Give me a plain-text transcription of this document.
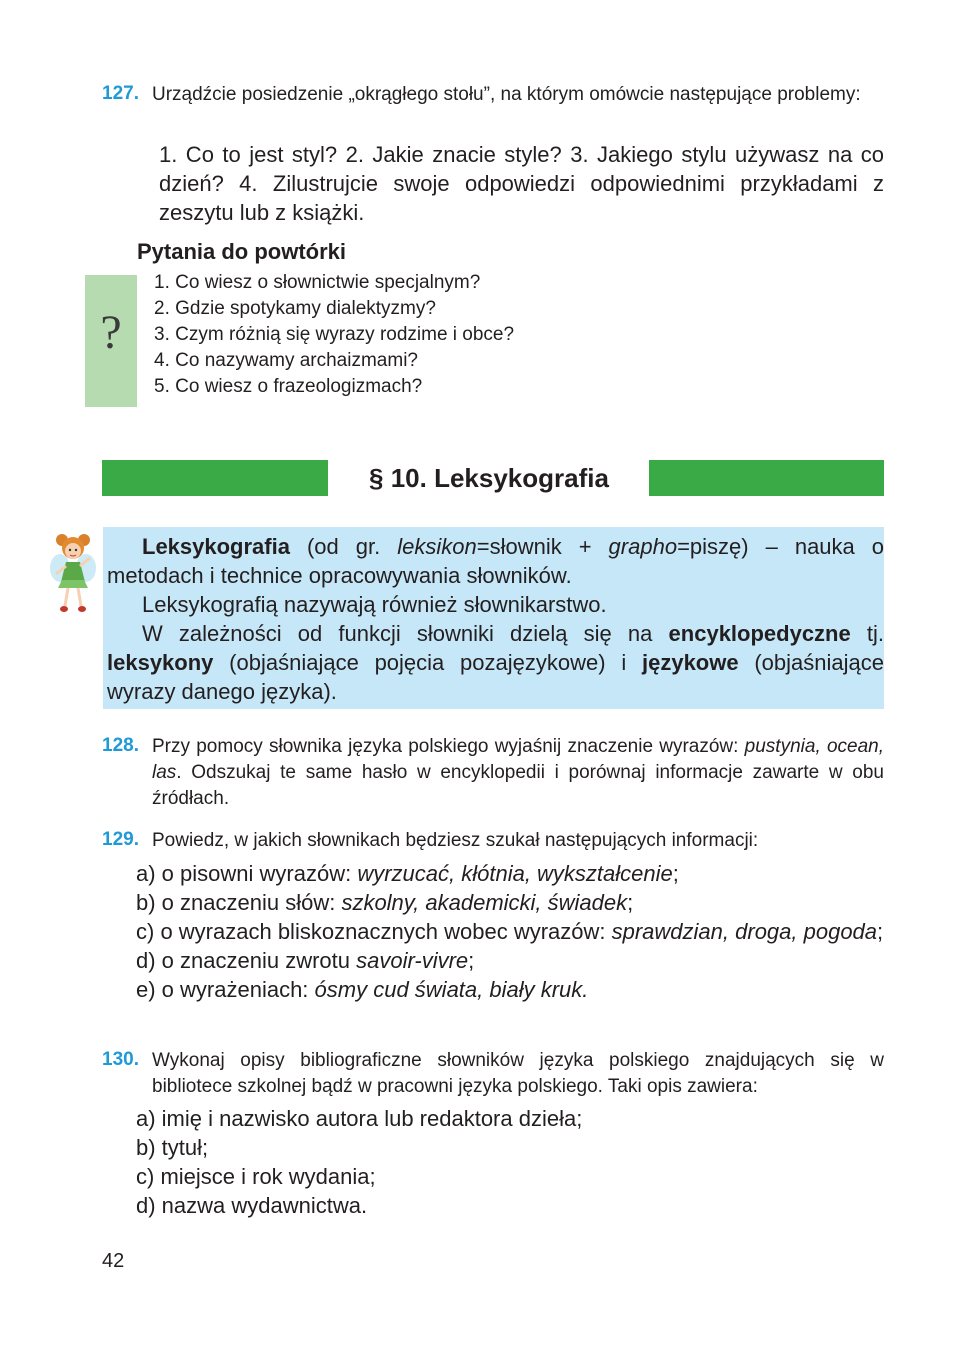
127. Urządźcie posiedzenie „okrągłego stołu”, na którym omówcie następujące problemy:
1. Co to jest styl? 2. Jakie znacie style? 3. Jakiego stylu używasz na co dzień? 4. Zilustrujcie swoje odpowiedzi odpowiednimi przykładami z zeszytu lub z książki.
Pytania do powtórki
?
1. Co wiesz o słownictwie specjalnym?
2. Gdzie spotykamy dialektyzmy?
3. Czym różnią się wyrazy rodzime i obce?
4. Co nazywamy archaizmami?
5. Co wiesz o frazeologizmach?
§ 10. Leksykografia

Leksykografia (od gr. leksikon=słownik + grapho=piszę) – nauka o metodach i technice opracowywania słowników.

Leksykografią nazywają również słownikarstwo.

W zależności od funkcji słowniki dzielą się na encyklopedyczne tj. leksykony (objaśniające pojęcia pozajęzykowe) i językowe (objaśniające wyrazy danego języka).

128. Przy pomocy słownika języka polskiego wyjaśnij znaczenie wyrazów: pustynia, ocean, las. Odszukaj te same hasło w encyklopedii i porównaj informacje zawarte w obu źródłach.
129. Powiedz, w jakich słownikach będziesz szukał następujących informacji:
a) o pisowni wyrazów: wyrzucać, kłótnia, wykształcenie;
b) o znaczeniu słów: szkolny, akademicki, świadek;
c) o wyrazach bliskoznacznych wobec wyrazów: sprawdzian, droga, pogoda;
d) o znaczeniu zwrotu savoir-vivre;
e) o wyrażeniach: ósmy cud świata, biały kruk.
130. Wykonaj opisy bibliograficzne słowników języka polskiego znajdujących się w bibliotece szkolnej bądź w pracowni języka polskiego. Taki opis zawiera:
a) imię i nazwisko autora lub redaktora dzieła;
b) tytuł;
c) miejsce i rok wydania;
d) nazwa wydawnictwa.
42
